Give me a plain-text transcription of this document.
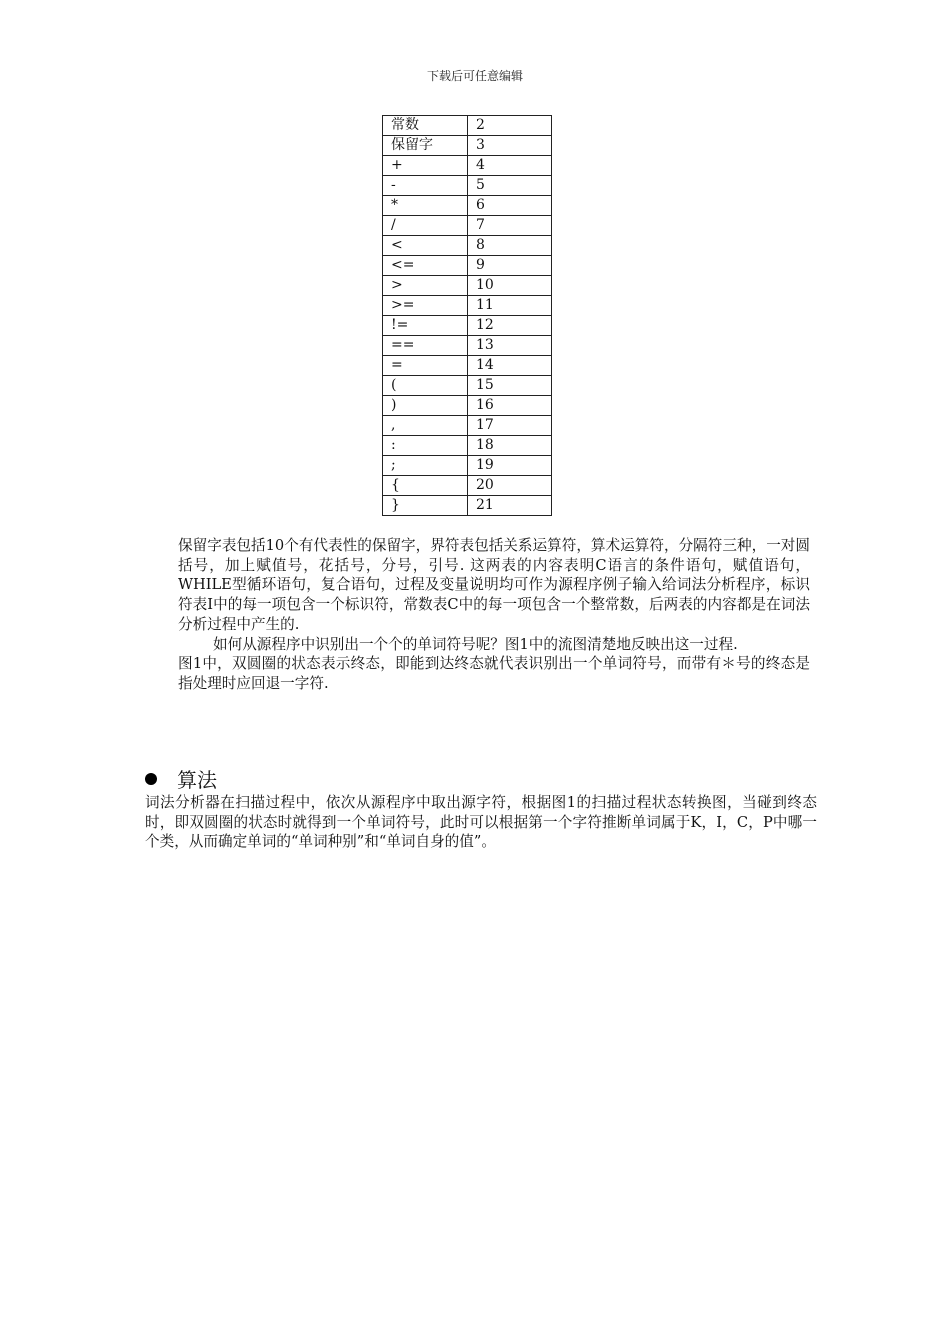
下载后可任意编辑
常数	2
保留字	3
+	4
-	5
*	6
/	7
<	8
<=	9
>	10
>=	11
!=	12
==	13
=	14
(	15
)	16
,	17
:	18
;	19
{	20
}	21

保留字表包括10个有代表性的保留字，界符表包括关系运算符，算术运算符，分隔符三种，一对圆括号，加上赋值号，花括号，分号，引号. 这两表的内容表明C语言的条件语句，赋值语句，WHILE型循环语句，复合语句，过程及变量说明均可作为源程序例子输入给词法分析程序，标识符表I中的每一项包含一个标识符，常数表C中的每一项包含一个整常数，后两表的内容都是在词法分析过程中产生的.

如何从源程序中识别出一个个的单词符号呢？图1中的流图清楚地反映出这一过程.

图1中，双圆圈的状态表示终态，即能到达终态就代表识别出一个单词符号，而带有＊号的终态是指处理时应回退一字符.

算法

词法分析器在扫描过程中，依次从源程序中取出源字符，根据图1的扫描过程状态转换图，当碰到终态时，即双圆圈的状态时就得到一个单词符号，此时可以根据第一个字符推断单词属于K，I，C，P中哪一个类，从而确定单词的“单词种别”和“单词自身的值”。
